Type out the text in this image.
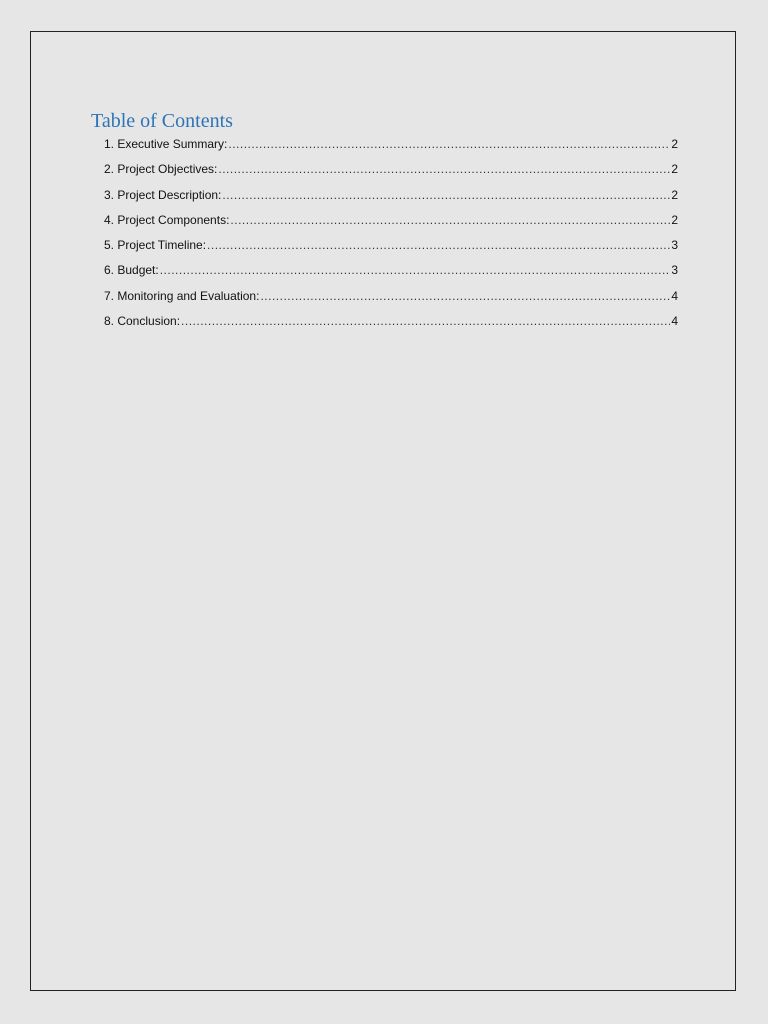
Table of Contents
1. Executive Summary: .....	2
2. Project Objectives: .....	2
3. Project Description: .....	2
4. Project Components: .....	2
5. Project Timeline: .....	3
6. Budget: .....	3
7. Monitoring and Evaluation: .....	4
8. Conclusion: .....	4
